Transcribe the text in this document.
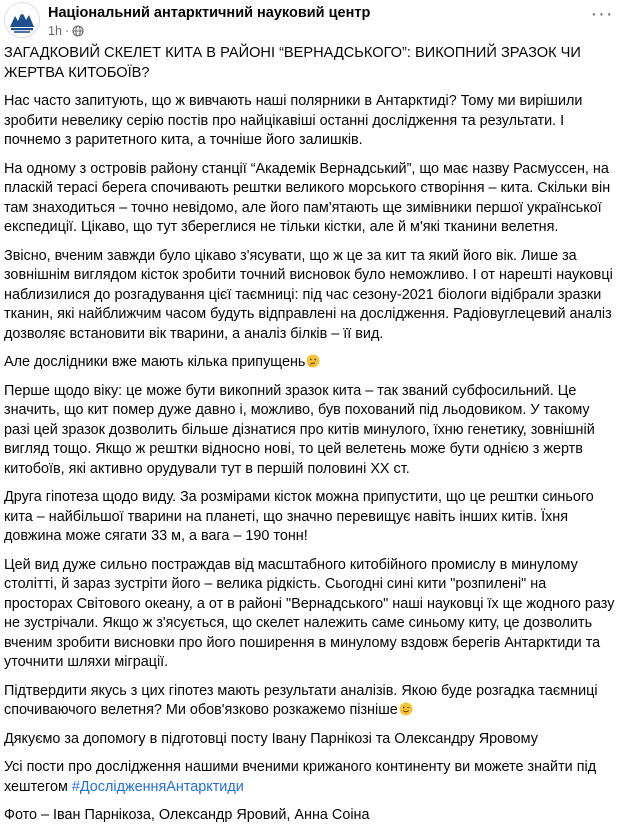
Національний антарктичний науковий центр
1h ·
···

ЗАГАДКОВИЙ СКЕЛЕТ КИТА В РАЙОНІ “ВЕРНАДСЬКОГО”: ВИКОПНИЙ ЗРАЗОК ЧИ ЖЕРТВА КИТОБОЇВ?

Нас часто запитують, що ж вивчають наші полярники в Антарктиді? Тому ми вирішили зробити невелику серію постів про найцікавіші останні дослідження та результати. І почнемо з раритетного кита, а точніше його залишків.

На одному з островів району станції “Академік Вернадський”, що має назву Расмуссен, на пласкій терасі берега спочивають рештки великого морського створіння – кита. Скільки він там знаходиться – точно невідомо, але його пам'ятають ще зимівники першої української експедиції. Цікаво, що тут збереглися не тільки кістки, але й м'які тканини велетня.

Звісно, вченим завжди було цікаво з'ясувати, що ж це за кит та який його вік. Лише за зовнішнім виглядом кісток зробити точний висновок було неможливо. І от нарешті науковці наблизилися до розгадування цієї таємниці: під час сезону-2021 біологи відібрали зразки тканин, які найближчим часом будуть відправлені на дослідження. Радіовуглецевий аналіз дозволяє встановити вік тварини, а аналіз білків – її вид.

Але дослідники вже мають кілька припущень

Перше щодо віку: це може бути викопний зразок кита – так званий субфосильний. Це значить, що кит помер дуже давно і, можливо, був похований під льодовиком. У такому разі цей зразок дозволить більше дізнатися про китів минулого, їхню генетику, зовнішній вигляд тощо. Якщо ж рештки відносно нові, то цей велетень може бути однією з жертв китобоїв, які активно орудували тут в першій половині ХХ ст.

Друга гіпотеза щодо виду. За розмірами кісток можна припустити, що це рештки синього кита – найбільшої тварини на планеті, що значно перевищує навіть інших китів. Їхня довжина може сягати 33 м, а вага – 190 тонн!

Цей вид дуже сильно постраждав від масштабного китобійного промислу в минулому столітті, й зараз зустріти його – велика рідкість. Сьогодні сині кити "розпилені" на просторах Світового океану, а от в районі "Вернадського" наші науковці їх ще жодного разу не зустрічали. Якщо ж з'ясується, що скелет належить саме синьому киту, це дозволить вченим зробити висновки про його поширення в минулому вздовж берегів Антарктиди та уточнити шляхи міграції.

Підтвердити якусь з цих гіпотез мають результати аналізів. Якою буде розгадка таємниці спочиваючого велетня? Ми обов'язково розкажемо пізніше

Дякуємо за допомогу в підготовці посту Івану Парнікозі та Олександру Яровому

Усі пости про дослідження нашими вченими крижаного континенту ви можете знайти під хештегом #ДослідженняАнтарктиди

Фото – Іван Парнікоза, Олександр Яровий, Анна Соіна
